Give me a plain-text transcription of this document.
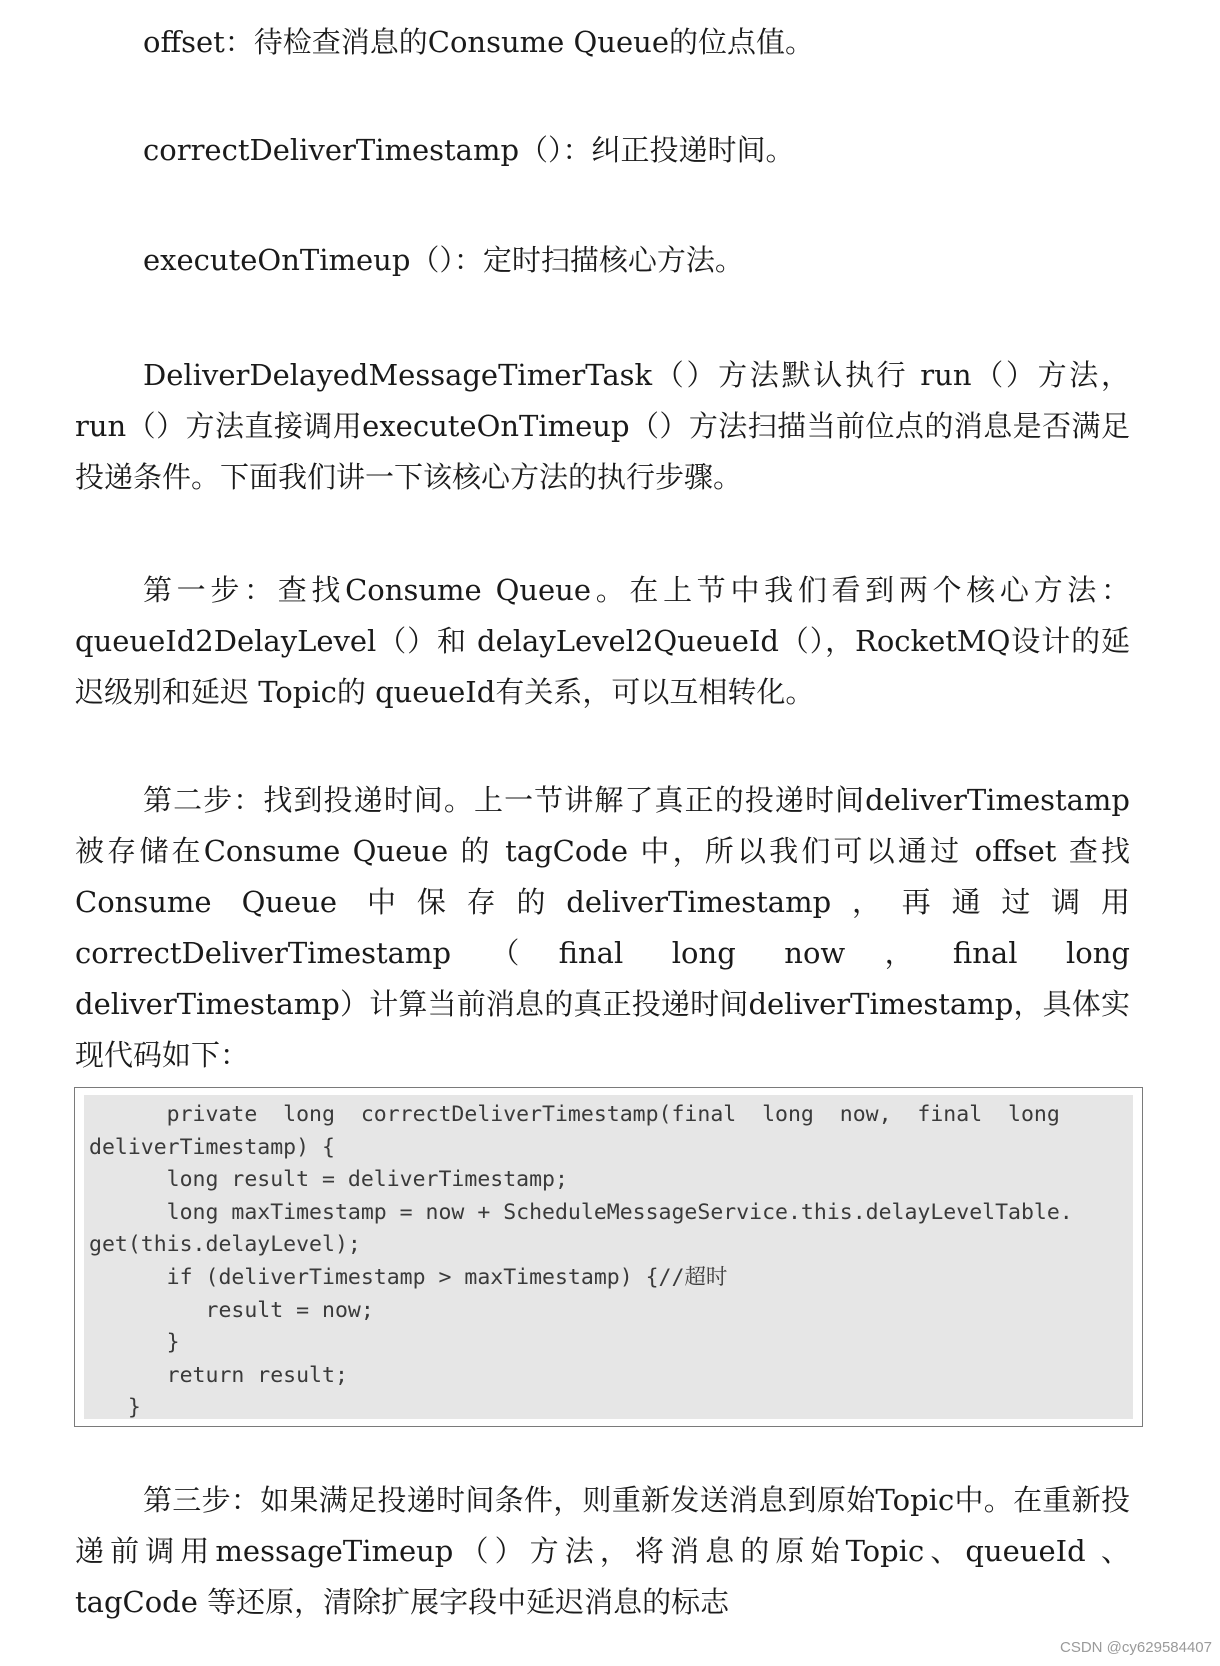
offset：待检查消息的Consume Queue的位点值。
correctDeliverTimestamp（）：纠正投递时间。
executeOnTimeup（）：定时扫描核心方法。

DeliverDelayedMessageTimerTask（）方法默认执行 run（）方法，run（）方法直接调用executeOnTimeup（）方法扫描当前位点的消息是否满足投递条件。下面我们讲一下该核心方法的执行步骤。

第一步：查找Consume Queue。在上节中我们看到两个核心方法：queueId2DelayLevel（）和 delayLevel2QueueId（），RocketMQ设计的延迟级别和延迟 Topic的 queueId有关系，可以互相转化。

第二步：找到投递时间。上一节讲解了真正的投递时间deliverTimestamp 被存储在Consume Queue 的 tagCode 中，所以我们可以通过 offset 查找 Consume Queue 中保存的deliverTimestamp，再通过调用 correctDeliverTimestamp（final long now，final long deliverTimestamp）计算当前消息的真正投递时间deliverTimestamp，具体实现代码如下：

private  long  correctDeliverTimestamp(final  long  now,  final  long
deliverTimestamp) {
long result = deliverTimestamp;
long maxTimestamp = now + ScheduleMessageService.this.delayLevelTable.
get(this.delayLevel);
if (deliverTimestamp > maxTimestamp) {//超时
result = now;
}
return result;
}

第三步：如果满足投递时间条件，则重新发送消息到原始Topic中。在重新投递前调用messageTimeup（）方法，将消息的原始Topic、queueId 、tagCode 等还原，清除扩展字段中延迟消息的标志

CSDN @cy629584407
